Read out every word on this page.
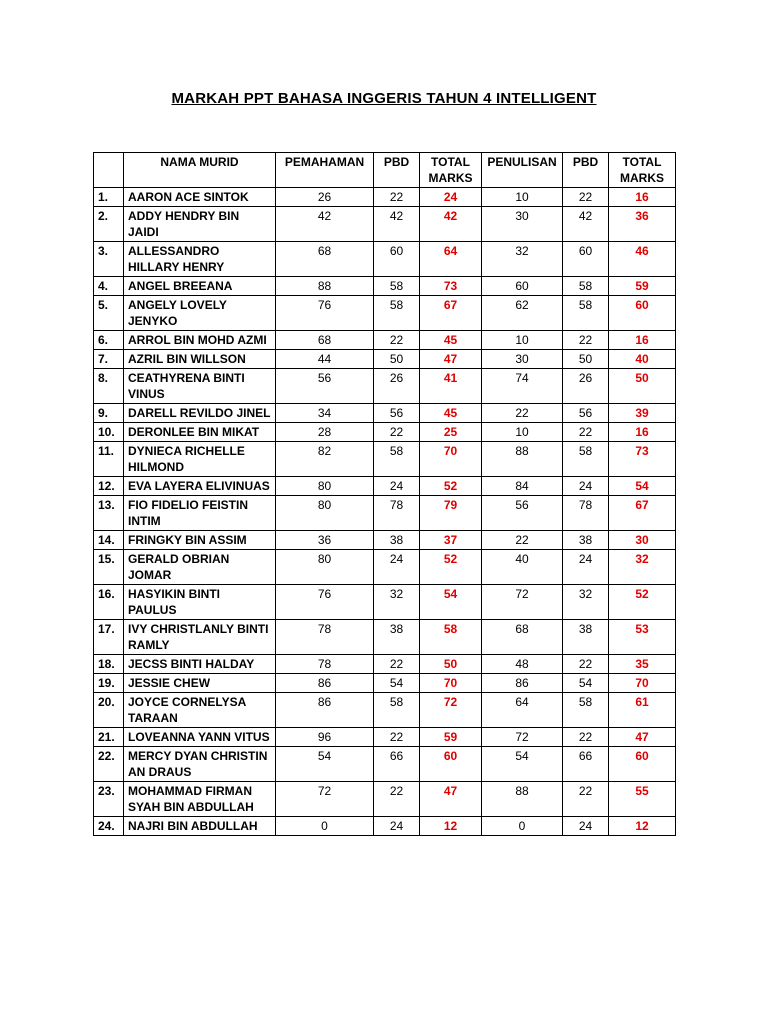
MARKAH PPT BAHASA INGGERIS TAHUN 4 INTELLIGENT
	NAMA MURID	PEMAHAMAN	PBD	TOTAL MARKS	PENULISAN	PBD	TOTAL MARKS
1.	AARON ACE SINTOK	26	22	24	10	22	16
2.	ADDY HENDRY BIN JAIDI	42	42	42	30	42	36
3.	ALLESSANDRO HILLARY HENRY	68	60	64	32	60	46
4.	ANGEL BREEANA	88	58	73	60	58	59
5.	ANGELY LOVELY JENYKO	76	58	67	62	58	60
6.	ARROL BIN MOHD AZMI	68	22	45	10	22	16
7.	AZRIL BIN WILLSON	44	50	47	30	50	40
8.	CEATHYRENA BINTI VINUS	56	26	41	74	26	50
9.	DARELL REVILDO JINEL	34	56	45	22	56	39
10.	DERONLEE BIN MIKAT	28	22	25	10	22	16
11.	DYNIECA RICHELLE HILMOND	82	58	70	88	58	73
12.	EVA LAYERA ELIVINUAS	80	24	52	84	24	54
13.	FIO FIDELIO FEISTIN INTIM	80	78	79	56	78	67
14.	FRINGKY BIN ASSIM	36	38	37	22	38	30
15.	GERALD OBRIAN JOMAR	80	24	52	40	24	32
16.	HASYIKIN BINTI PAULUS	76	32	54	72	32	52
17.	IVY CHRISTLANLY BINTI RAMLY	78	38	58	68	38	53
18.	JECSS BINTI HALDAY	78	22	50	48	22	35
19.	JESSIE CHEW	86	54	70	86	54	70
20.	JOYCE CORNELYSA TARAAN	86	58	72	64	58	61
21.	LOVEANNA YANN VITUS	96	22	59	72	22	47
22.	MERCY DYAN CHRISTIN AN DRAUS	54	66	60	54	66	60
23.	MOHAMMAD FIRMAN SYAH BIN ABDULLAH	72	22	47	88	22	55
24.	NAJRI BIN ABDULLAH	0	24	12	0	24	12
